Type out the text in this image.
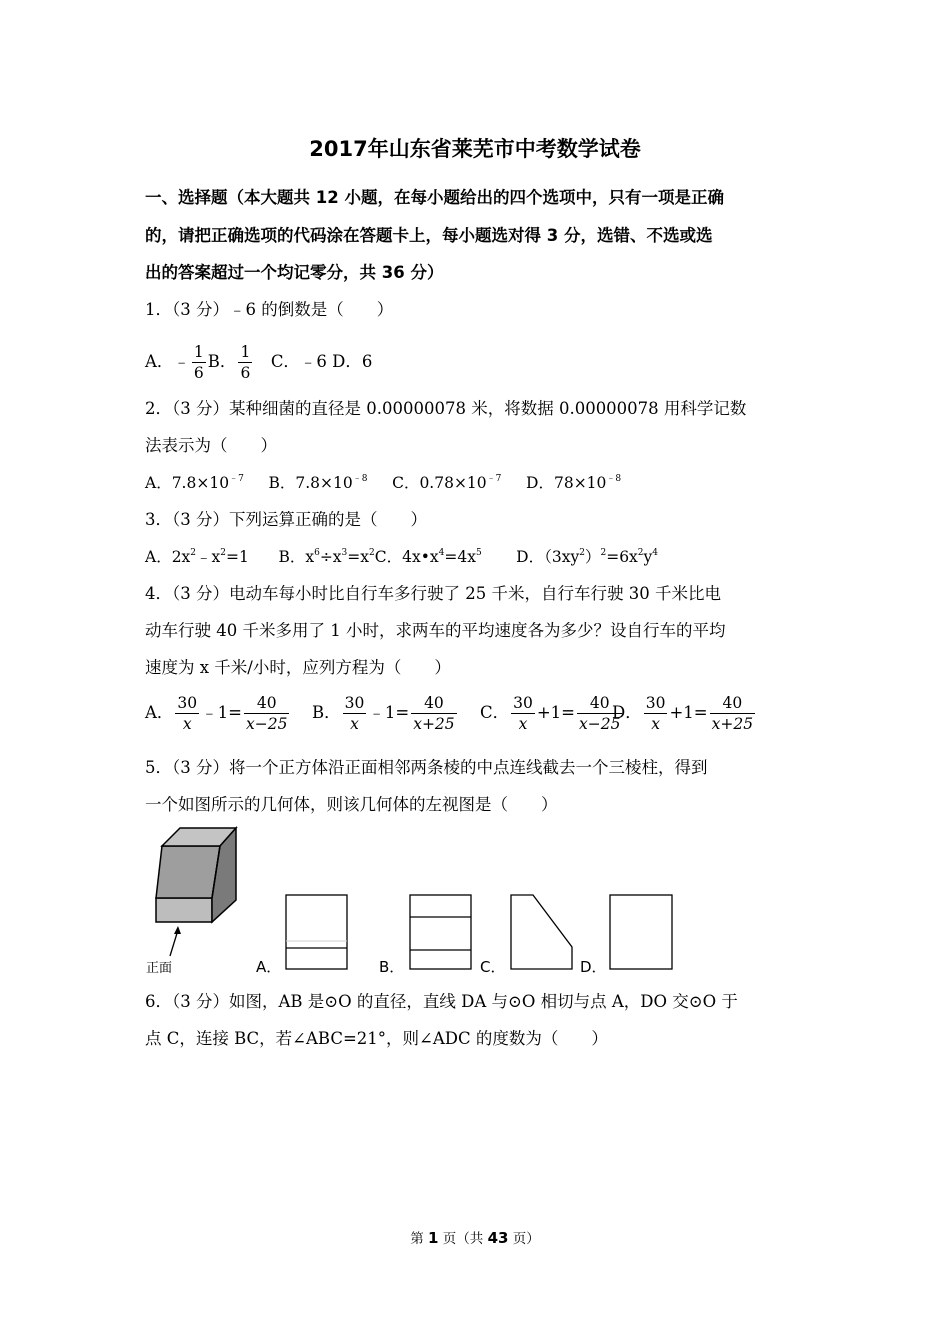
2017年山东省莱芜市中考数学试卷
一、选择题（本大题共 12 小题，在每小题给出的四个选项中，只有一项是正确
的，请把正确选项的代码涂在答题卡上，每小题选对得 3 分，选错、不选或选
出的答案超过一个均记零分，共 36 分）
1．（3 分）﹣6 的倒数是（　　）
A．﹣ $\frac{1}{6}$ B． $\frac{1}{6}$ 　C．﹣6 D．6
2．（3 分）某种细菌的直径是 0.00000078 米，将数据 0.00000078 用科学记数
法表示为（　　）
A．$7.8\times 10^{﹣7}$ B．$7.8\times 10^{﹣8}$ C．$0.78\times 10^{﹣7}$ D．$78\times 10^{﹣8}$
3．（3 分）下列运算正确的是（　　）
A．$2x^2﹣x^2=1$ B．$x^6\div x^3=x^2C$．$4x•x^4=4x^5$ D．$(3xy^2)^2=6x^2y^4$
4．（3 分）电动车每小时比自行车多行驶了 25 千米，自行车行驶 30 千米比电
动车行驶 40 千米多用了 1 小时，求两车的平均速度各为多少？设自行车的平均
速度为 x 千米/小时，应列方程为（　　）
A． $\frac{30}{x}$ ﹣1= $\frac{40}{x-25}$ B． $\frac{30}{x}$ ﹣1= $\frac{40}{x+25}$ C． $\frac{30}{x} +1= \frac{40}{x-25}$
D． $\frac{30}{x} +1= \frac{40}{x+25}$
5．（3 分）将一个正方体沿正面相邻两条棱的中点连线截去一个三棱柱，得到
一个如图所示的几何体，则该几何体的左视图是（　　）
正面	A．	B．	C．	D．
6．（3 分）如图，AB 是⊙O 的直径，直线 DA 与⊙O 相切与点 A，DO 交⊙O 于
点 C，连接 BC，若∠ABC=21°，则∠ADC 的度数为（　　）
第 1 页（共 43 页）
